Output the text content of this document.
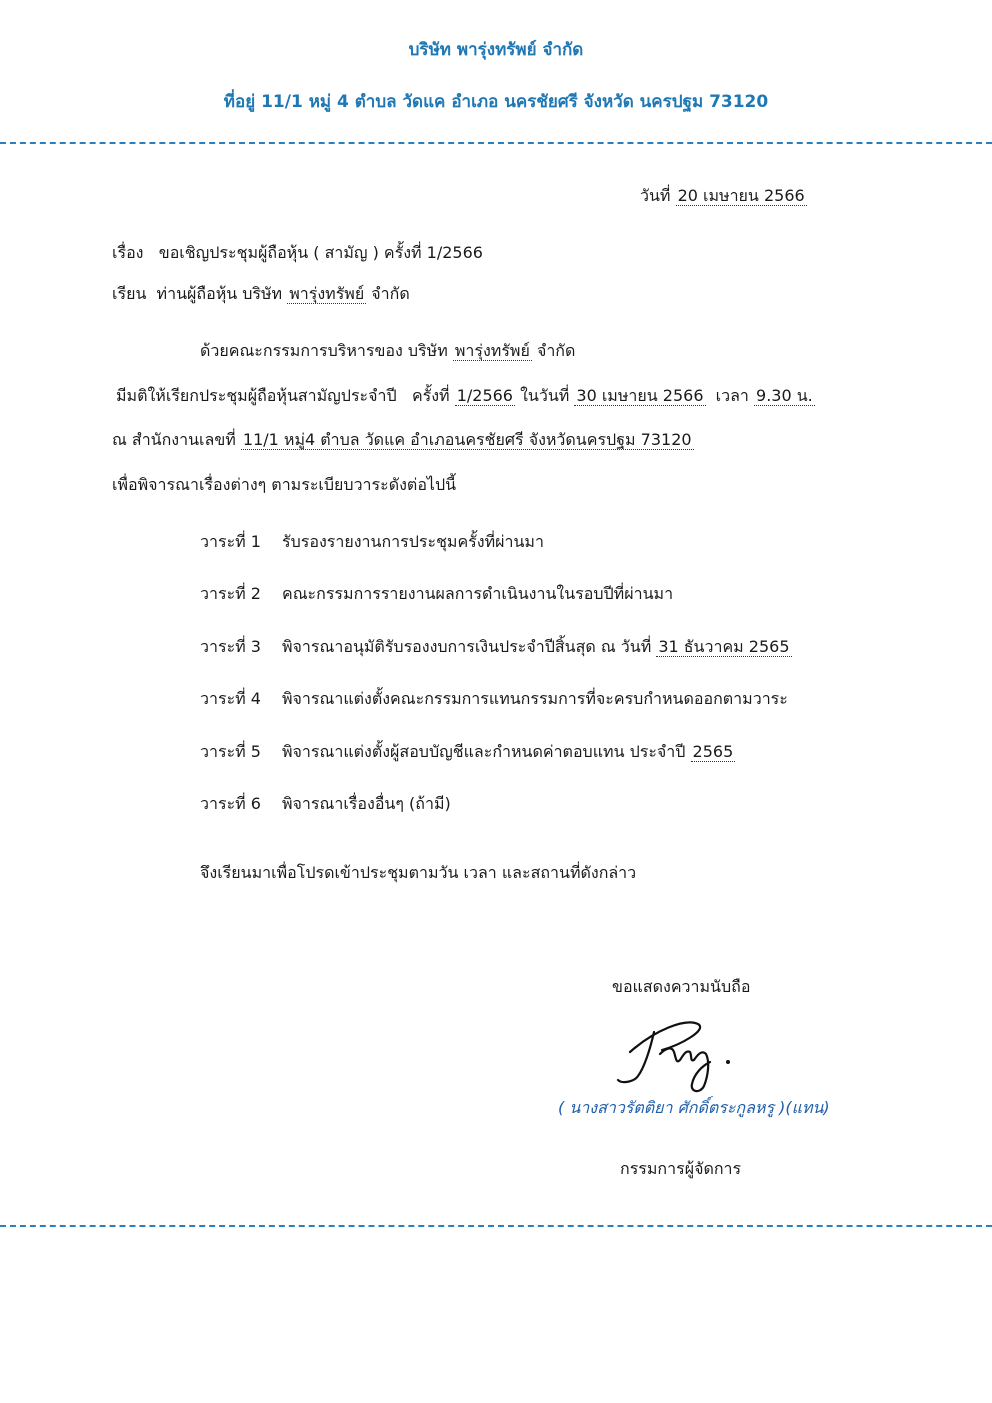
บริษัท พารุ่งทรัพย์ จำกัด
ที่อยู่ 11/1 หมู่ 4 ตำบล วัดแค อำเภอ นครชัยศรี จังหวัด นครปฐม 73120
วันที่ 20 เมษายน 2566
เรื่อง ขอเชิญประชุมผู้ถือหุ้น ( สามัญ ) ครั้งที่ 1/2566
เรียน ท่านผู้ถือหุ้น บริษัท พารุ่งทรัพย์ จำกัด
ด้วยคณะกรรมการบริหารของ บริษัท พารุ่งทรัพย์ จำกัด
มีมติให้เรียกประชุมผู้ถือหุ้นสามัญประจำปี ครั้งที่ 1/2566 ในวันที่ 30 เมษายน 2566 เวลา 9.30 น.
ณ สำนักงานเลขที่ 11/1 หมู่4 ตำบล วัดแค อำเภอนครชัยศรี จังหวัดนครปฐม 73120
เพื่อพิจารณาเรื่องต่างๆ ตามระเบียบวาระดังต่อไปนี้
วาระที่ 1 รับรองรายงานการประชุมครั้งที่ผ่านมา
วาระที่ 2 คณะกรรมการรายงานผลการดำเนินงานในรอบปีที่ผ่านมา
วาระที่ 3 พิจารณาอนุมัติรับรองงบการเงินประจำปีสิ้นสุด ณ วันที่ 31 ธันวาคม 2565
วาระที่ 4 พิจารณาแต่งตั้งคณะกรรมการแทนกรรมการที่จะครบกำหนดออกตามวาระ
วาระที่ 5 พิจารณาแต่งตั้งผู้สอบบัญชีและกำหนดค่าตอบแทน ประจำปี 2565
วาระที่ 6 พิจารณาเรื่องอื่นๆ (ถ้ามี)
จึงเรียนมาเพื่อโปรดเข้าประชุมตามวัน เวลา และสถานที่ดังกล่าว
ขอแสดงความนับถือ
( นางสาวรัตติยา ศักดิ์ตระกูลหรู )(แทน)
กรรมการผู้จัดการ
